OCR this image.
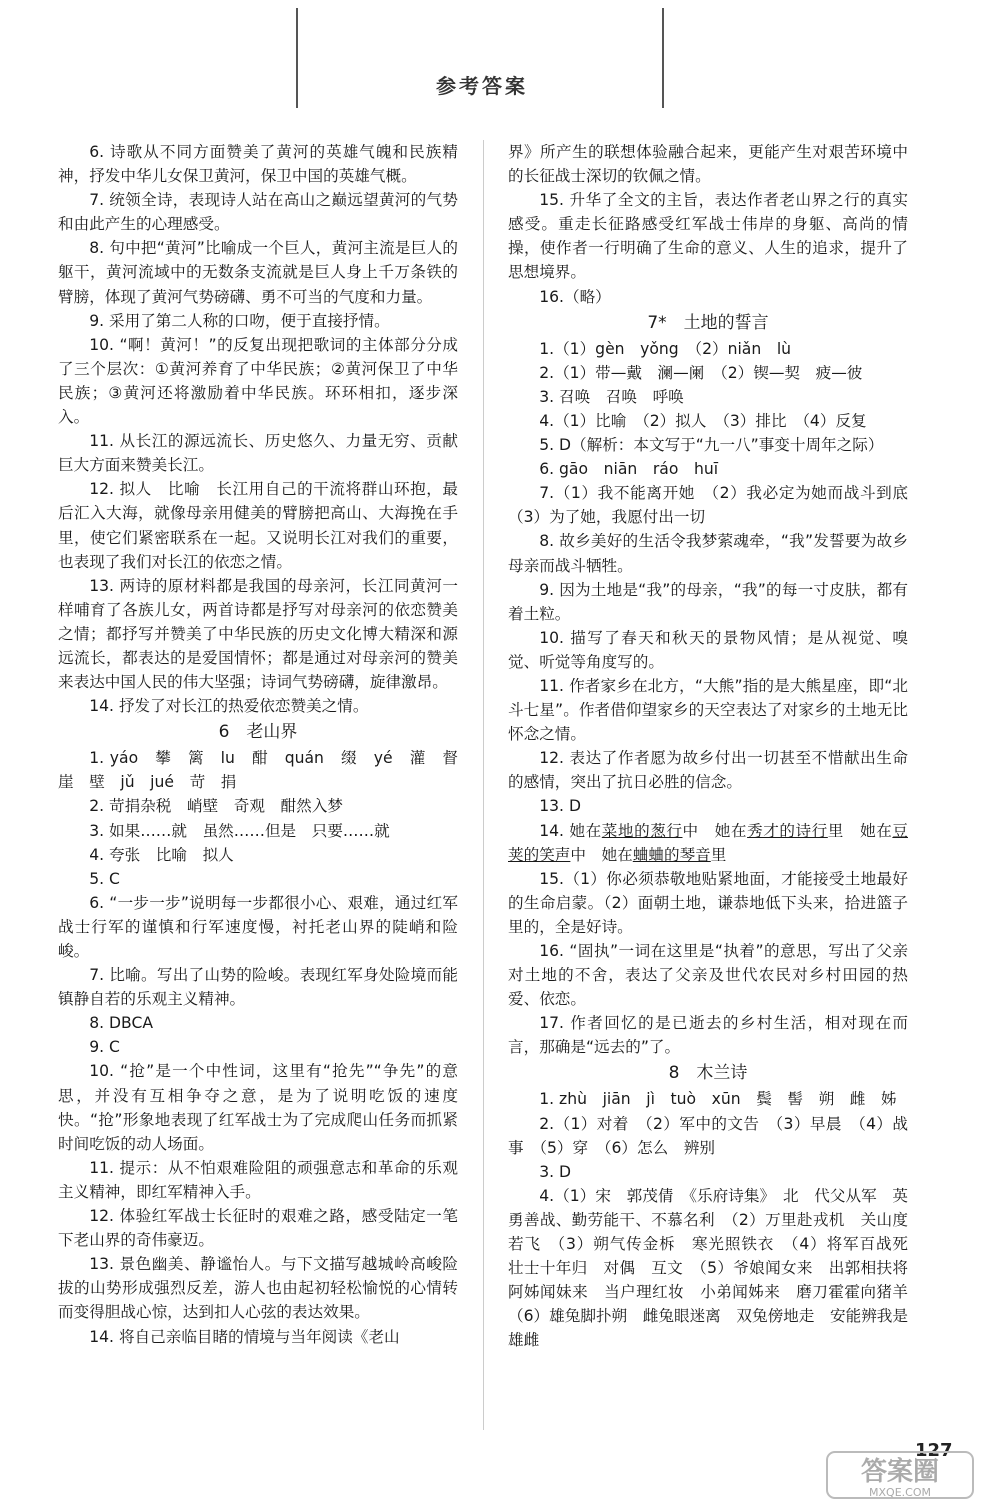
参考答案

6. 诗歌从不同方面赞美了黄河的英雄气魄和民族精神，抒发中华儿女保卫黄河，保卫中国的英雄气概。

7. 统领全诗，表现诗人站在高山之巅远望黄河的气势和由此产生的心理感受。

8. 句中把“黄河”比喻成一个巨人，黄河主流是巨人的躯干，黄河流域中的无数条支流就是巨人身上千万条铁的臂膀，体现了黄河气势磅礴、勇不可当的气度和力量。

9. 采用了第二人称的口吻，便于直接抒情。

10. “啊！黄河！”的反复出现把歌词的主体部分分成了三个层次：①黄河养育了中华民族；②黄河保卫了中华民族；③黄河还将激励着中华民族。环环相扣，逐步深入。

11. 从长江的源远流长、历史悠久、力量无穷、贡献巨大方面来赞美长江。

12. 拟人　比喻　长江用自己的干流将群山环抱，最后汇入大海，就像母亲用健美的臂膀把高山、大海挽在手里，使它们紧密联系在一起。又说明长江对我们的重要，也表现了我们对长江的依恋之情。

13. 两诗的原材料都是我国的母亲河，长江同黄河一样哺育了各族儿女，两首诗都是抒写对母亲河的依恋赞美之情；都抒写并赞美了中华民族的历史文化博大精深和源远流长，都表达的是爱国情怀；都是通过对母亲河的赞美来表达中国人民的伟大坚强；诗词气势磅礴，旋律激昂。

14. 抒发了对长江的热爱依恋赞美之情。

6　老山界

1. yáo　攀　篱　lu　酣　quán　缀　yé　灌　督　崖　壁　jǔ　jué　苛　捐

2. 苛捐杂税　峭壁　奇观　酣然入梦

3. 如果……就　虽然……但是　只要……就

4. 夸张　比喻　拟人

5. C

6. “一步一步”说明每一步都很小心、艰难，通过红军战士行军的谨慎和行军速度慢，衬托老山界的陡峭和险峻。

7. 比喻。写出了山势的险峻。表现红军身处险境而能镇静自若的乐观主义精神。

8. DBCA

9. C

10. “抢”是一个中性词，这里有“抢先”“争先”的意思，并没有互相争夺之意，是为了说明吃饭的速度快。“抢”形象地表现了红军战士为了完成爬山任务而抓紧时间吃饭的动人场面。

11. 提示：从不怕艰难险阻的顽强意志和革命的乐观主义精神，即红军精神入手。

12. 体验红军战士长征时的艰难之路，感受陆定一笔下老山界的奇伟豪迈。

13. 景色幽美、静谧怡人。与下文描写越城岭高峻险拔的山势形成强烈反差，游人也由起初轻松愉悦的心情转而变得胆战心惊，达到扣人心弦的表达效果。

14. 将自己亲临目睹的情境与当年阅读《老山

界》所产生的联想体验融合起来，更能产生对艰苦环境中的长征战士深切的钦佩之情。

15. 升华了全文的主旨，表达作者老山界之行的真实感受。重走长征路感受红军战士伟岸的身躯、高尚的情操，使作者一行明确了生命的意义、人生的追求，提升了思想境界。

16.（略）

7*　土地的誓言

1.（1）gèn　yǒng　（2）niǎn　lù

2.（1）带—戴　澜—阑　（2）锲—契　疲—彼

3. 召唤　召唤　呼唤

4.（1）比喻　（2）拟人　（3）排比　（4）反复

5. D（解析：本文写于“九一八”事变十周年之际）

6. gāo　niān　ráo　huī

7.（1）我不能离开她　（2）我必定为她而战斗到底　（3）为了她，我愿付出一切

8. 故乡美好的生活令我梦萦魂牵，“我”发誓要为故乡母亲而战斗牺牲。

9. 因为土地是“我”的母亲，“我”的每一寸皮肤，都有着土粒。

10. 描写了春天和秋天的景物风情；是从视觉、嗅觉、听觉等角度写的。

11. 作者家乡在北方，“大熊”指的是大熊星座，即“北斗七星”。作者借仰望家乡的天空表达了对家乡的土地无比怀念之情。

12. 表达了作者愿为故乡付出一切甚至不惜献出生命的感情，突出了抗日必胜的信念。

13. D

14. 她在菜地的葱行中　她在秀才的诗行里　她在豆荚的笑声中　她在蛐蛐的琴音里

15.（1）你必须恭敬地贴紧地面，才能接受土地最好的生命启蒙。（2）面朝土地，谦恭地低下头来，拾进篮子里的，全是好诗。

16. “固执”一词在这里是“执着”的意思，写出了父亲对土地的不舍，表达了父亲及世代农民对乡村田园的热爱、依恋。

17. 作者回忆的是已逝去的乡村生活，相对现在而言，那确是“远去的”了。

8　木兰诗

1. zhù　jiān　jì　tuò　xūn　鬓　髻　朔　雌　姊

2.（1）对着　（2）军中的文告　（3）早晨　（4）战事　（5）穿　（6）怎么　辨别

3. D

4.（1）宋　郭茂倩　《乐府诗集》　北　代父从军　英勇善战、勤劳能干、不慕名利　（2）万里赴戎机　关山度若飞　（3）朔气传金柝　寒光照铁衣　（4）将军百战死　壮士十年归　对偶　互文　（5）爷娘闻女来　出郭相扶将　阿姊闻妹来　当户理红妆　小弟闻姊来　磨刀霍霍向猪羊　（6）雄兔脚扑朔　雌兔眼迷离　双兔傍地走　安能辨我是雄雌

127
答案圈
MXQE.COM
